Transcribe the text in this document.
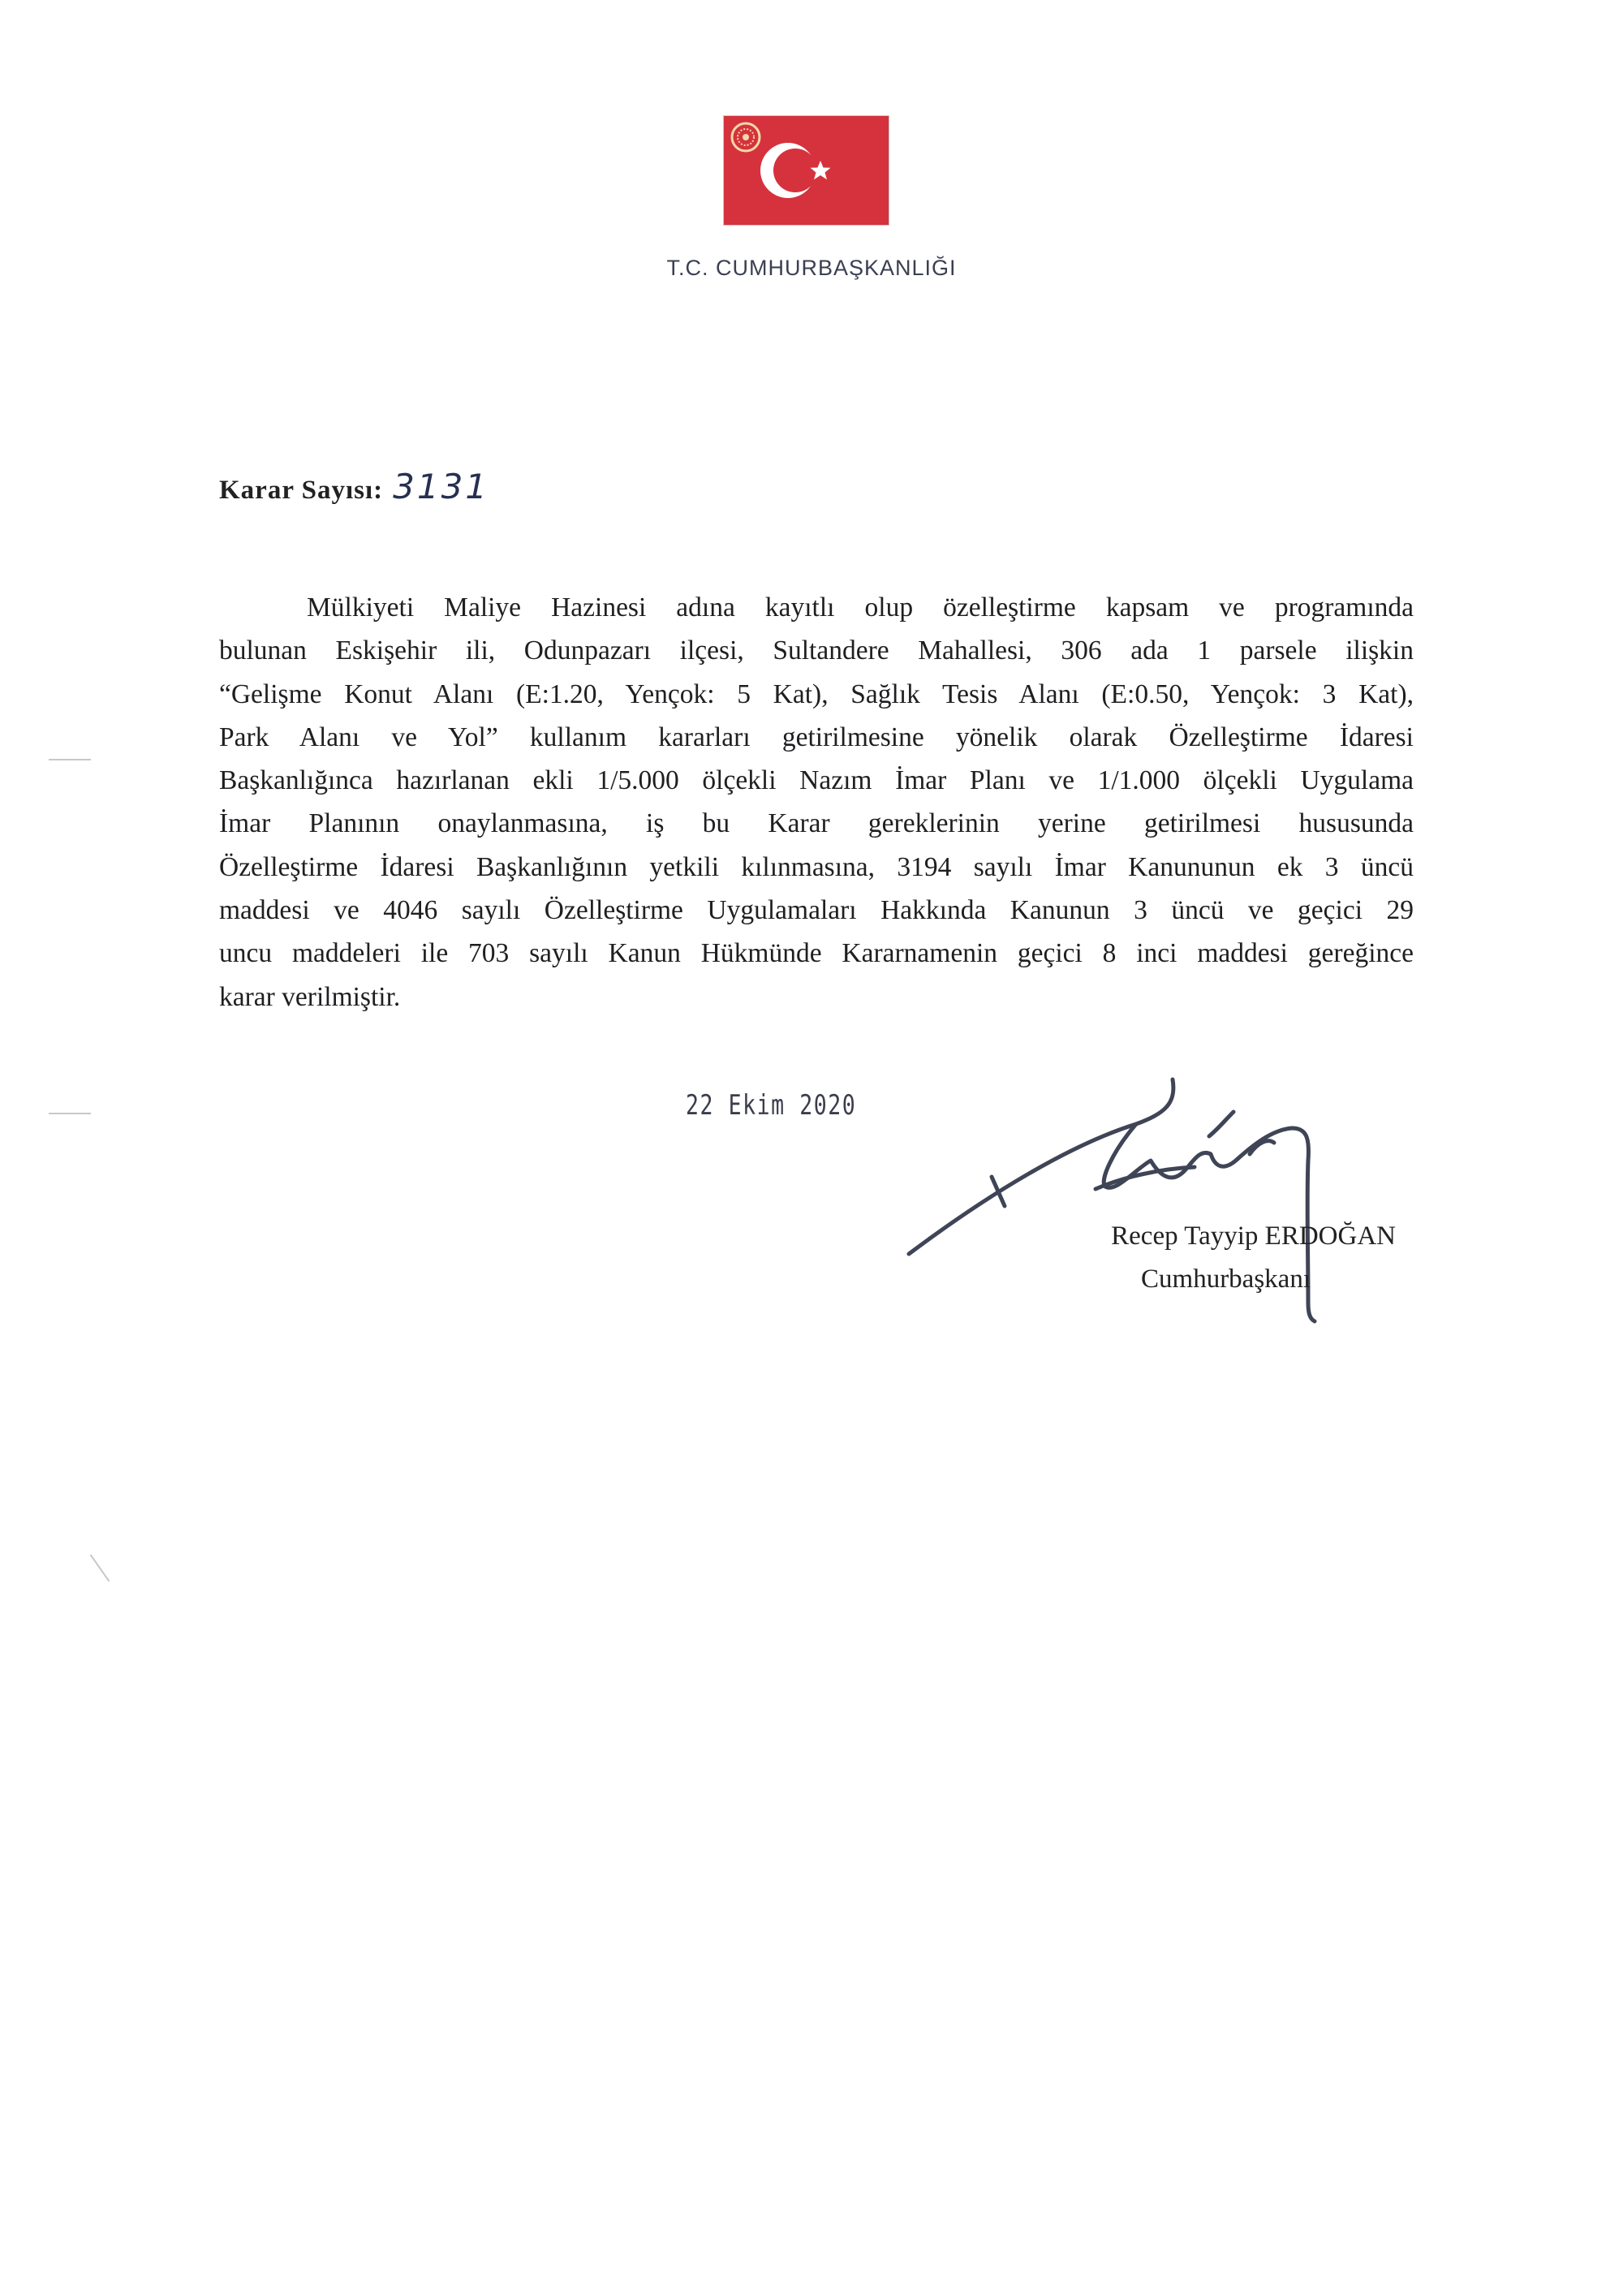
T.C. CUMHURBAŞKANLIĞI
Karar Sayısı: 3131

Mülkiyeti Maliye Hazinesi adına kayıtlı olup özelleştirme kapsam ve programında
bulunan Eskişehir ili, Odunpazarı ilçesi, Sultandere Mahallesi, 306 ada 1 parsele ilişkin
“Gelişme Konut Alanı (E:1.20, Yençok: 5 Kat), Sağlık Tesis Alanı (E:0.50, Yençok: 3 Kat),
Park Alanı ve Yol” kullanım kararları getirilmesine yönelik olarak Özelleştirme İdaresi
Başkanlığınca hazırlanan ekli 1/5.000 ölçekli Nazım İmar Planı ve 1/1.000 ölçekli Uygulama
İmar Planının onaylanmasına, iş bu Karar gereklerinin yerine getirilmesi hususunda
Özelleştirme İdaresi Başkanlığının yetkili kılınmasına, 3194 sayılı İmar Kanununun ek 3 üncü
maddesi ve 4046 sayılı Özelleştirme Uygulamaları Hakkında Kanunun 3 üncü ve geçici 29
uncu maddeleri ile 703 sayılı Kanun Hükmünde Kararnamenin geçici 8 inci maddesi gereğince
karar verilmiştir.

22 Ekim 2020
Recep Tayyip ERDOĞAN
Cumhurbaşkanı
